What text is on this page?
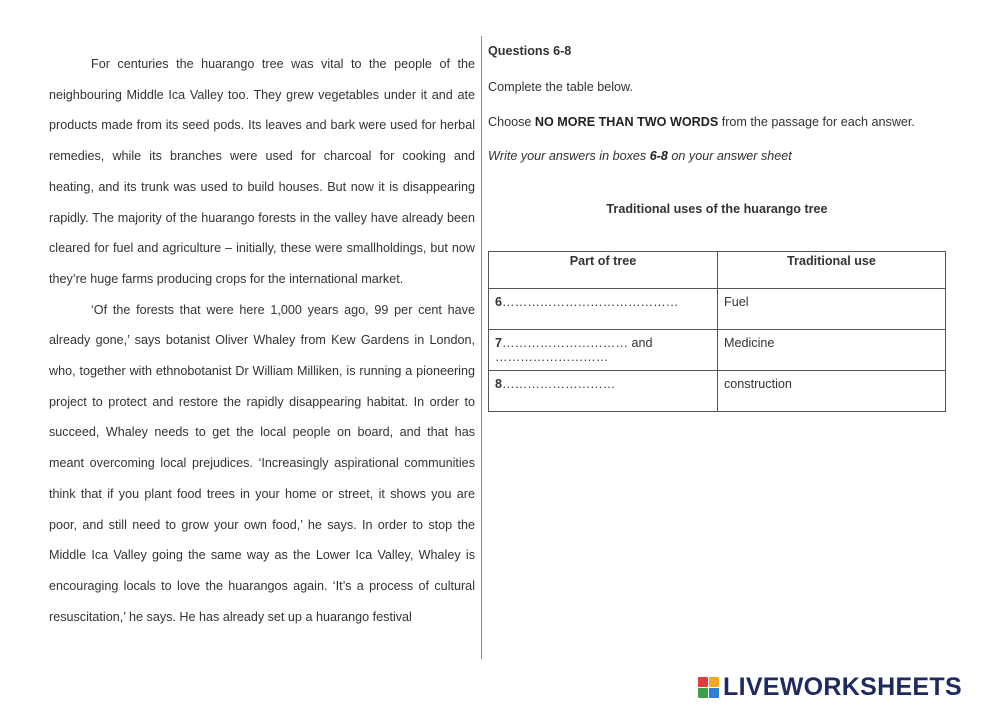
For centuries the huarango tree was vital to the people of the neighbouring Middle Ica Valley too. They grew vegetables under it and ate products made from its seed pods. Its leaves and bark were used for herbal remedies, while its branches were used for charcoal for cooking and heating, and its trunk was used to build houses. But now it is disappearing rapidly. The majority of the huarango forests in the valley have already been cleared for fuel and agriculture – initially, these were smallholdings, but now they’re huge farms producing crops for the international market.

‘Of the forests that were here 1,000 years ago, 99 per cent have already gone,’ says botanist Oliver Whaley from Kew Gardens in London, who, together with ethnobotanist Dr William Milliken, is running a pioneering project to protect and restore the rapidly disappearing habitat. In order to succeed, Whaley needs to get the local people on board, and that has meant overcoming local prejudices. ‘Increasingly aspirational communities think that if you plant food trees in your home or street, it shows you are poor, and still need to grow your own food,’ he says. In order to stop the Middle Ica Valley going the same way as the Lower Ica Valley, Whaley is encouraging locals to love the huarangos again. ‘It’s a process of cultural resuscitation,’ he says. He has already set up a huarango festival

Questions 6-8
Complete the table below.
Choose NO MORE THAN TWO WORDS from the passage for each answer.
Write your answers in boxes 6-8 on your answer sheet
Traditional uses of the huarango tree
Part of tree	Traditional use
6……………………………………	Fuel
7………………………… and ………………………	Medicine
8………………………	construction
LIVEWORKSHEETS
